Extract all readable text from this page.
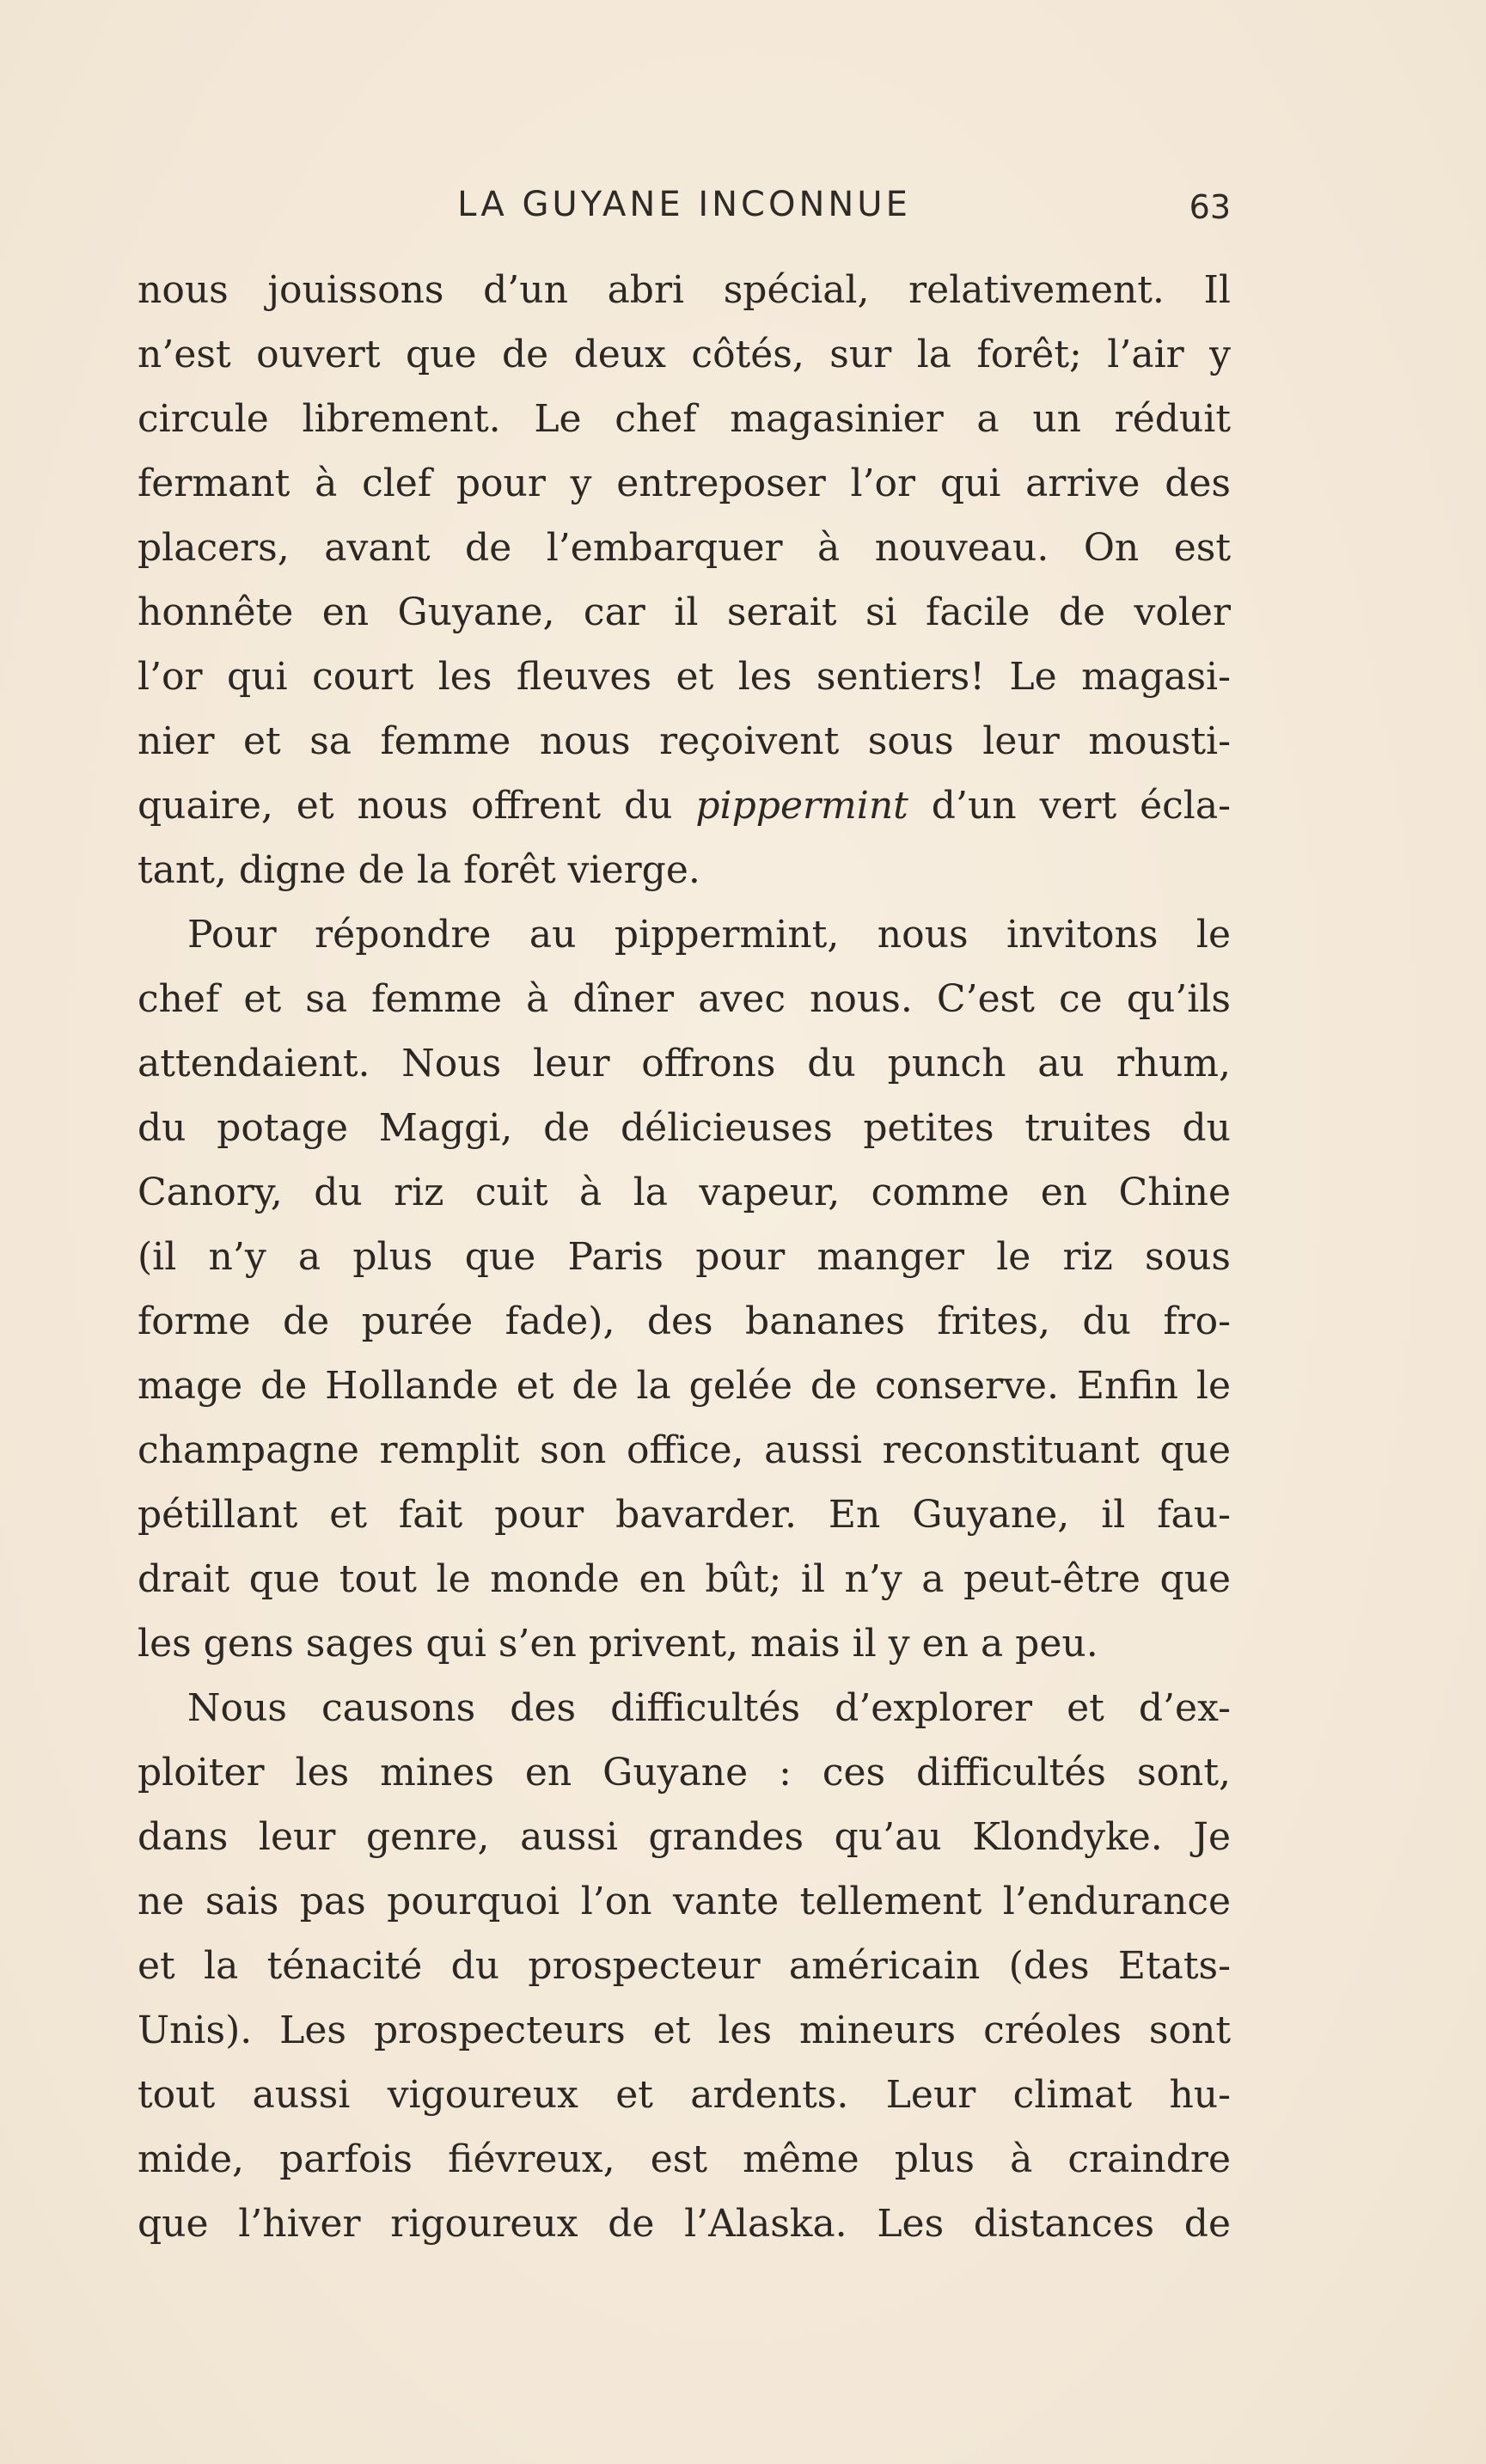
LA GUYANE INCONNUE	63
nous jouissons d’un abri spécial, relativement. Il
n’est ouvert que de deux côtés, sur la forêt; l’air y
circule librement. Le chef magasinier a un réduit
fermant à clef pour y entreposer l’or qui arrive des
placers, avant de l’embarquer à nouveau. On est
honnête en Guyane, car il serait si facile de voler
l’or qui court les fleuves et les sentiers! Le magasi-
nier et sa femme nous reçoivent sous leur mousti-
quaire, et nous offrent du pippermint d’un vert écla-
tant, digne de la forêt vierge.
Pour répondre au pippermint, nous invitons le
chef et sa femme à dîner avec nous. C’est ce qu’ils
attendaient. Nous leur offrons du punch au rhum,
du potage Maggi, de délicieuses petites truites du
Canory, du riz cuit à la vapeur, comme en Chine
(il n’y a plus que Paris pour manger le riz sous
forme de purée fade), des bananes frites, du fro-
mage de Hollande et de la gelée de conserve. Enfin le
champagne remplit son office, aussi reconstituant que
pétillant et fait pour bavarder. En Guyane, il fau-
drait que tout le monde en bût; il n’y a peut-être que
les gens sages qui s’en privent, mais il y en a peu.
Nous causons des difficultés d’explorer et d’ex-
ploiter les mines en Guyane : ces difficultés sont,
dans leur genre, aussi grandes qu’au Klondyke. Je
ne sais pas pourquoi l’on vante tellement l’endurance
et la ténacité du prospecteur américain (des Etats-
Unis). Les prospecteurs et les mineurs créoles sont
tout aussi vigoureux et ardents. Leur climat hu-
mide, parfois fiévreux, est même plus à craindre
que l’hiver rigoureux de l’Alaska. Les distances de
